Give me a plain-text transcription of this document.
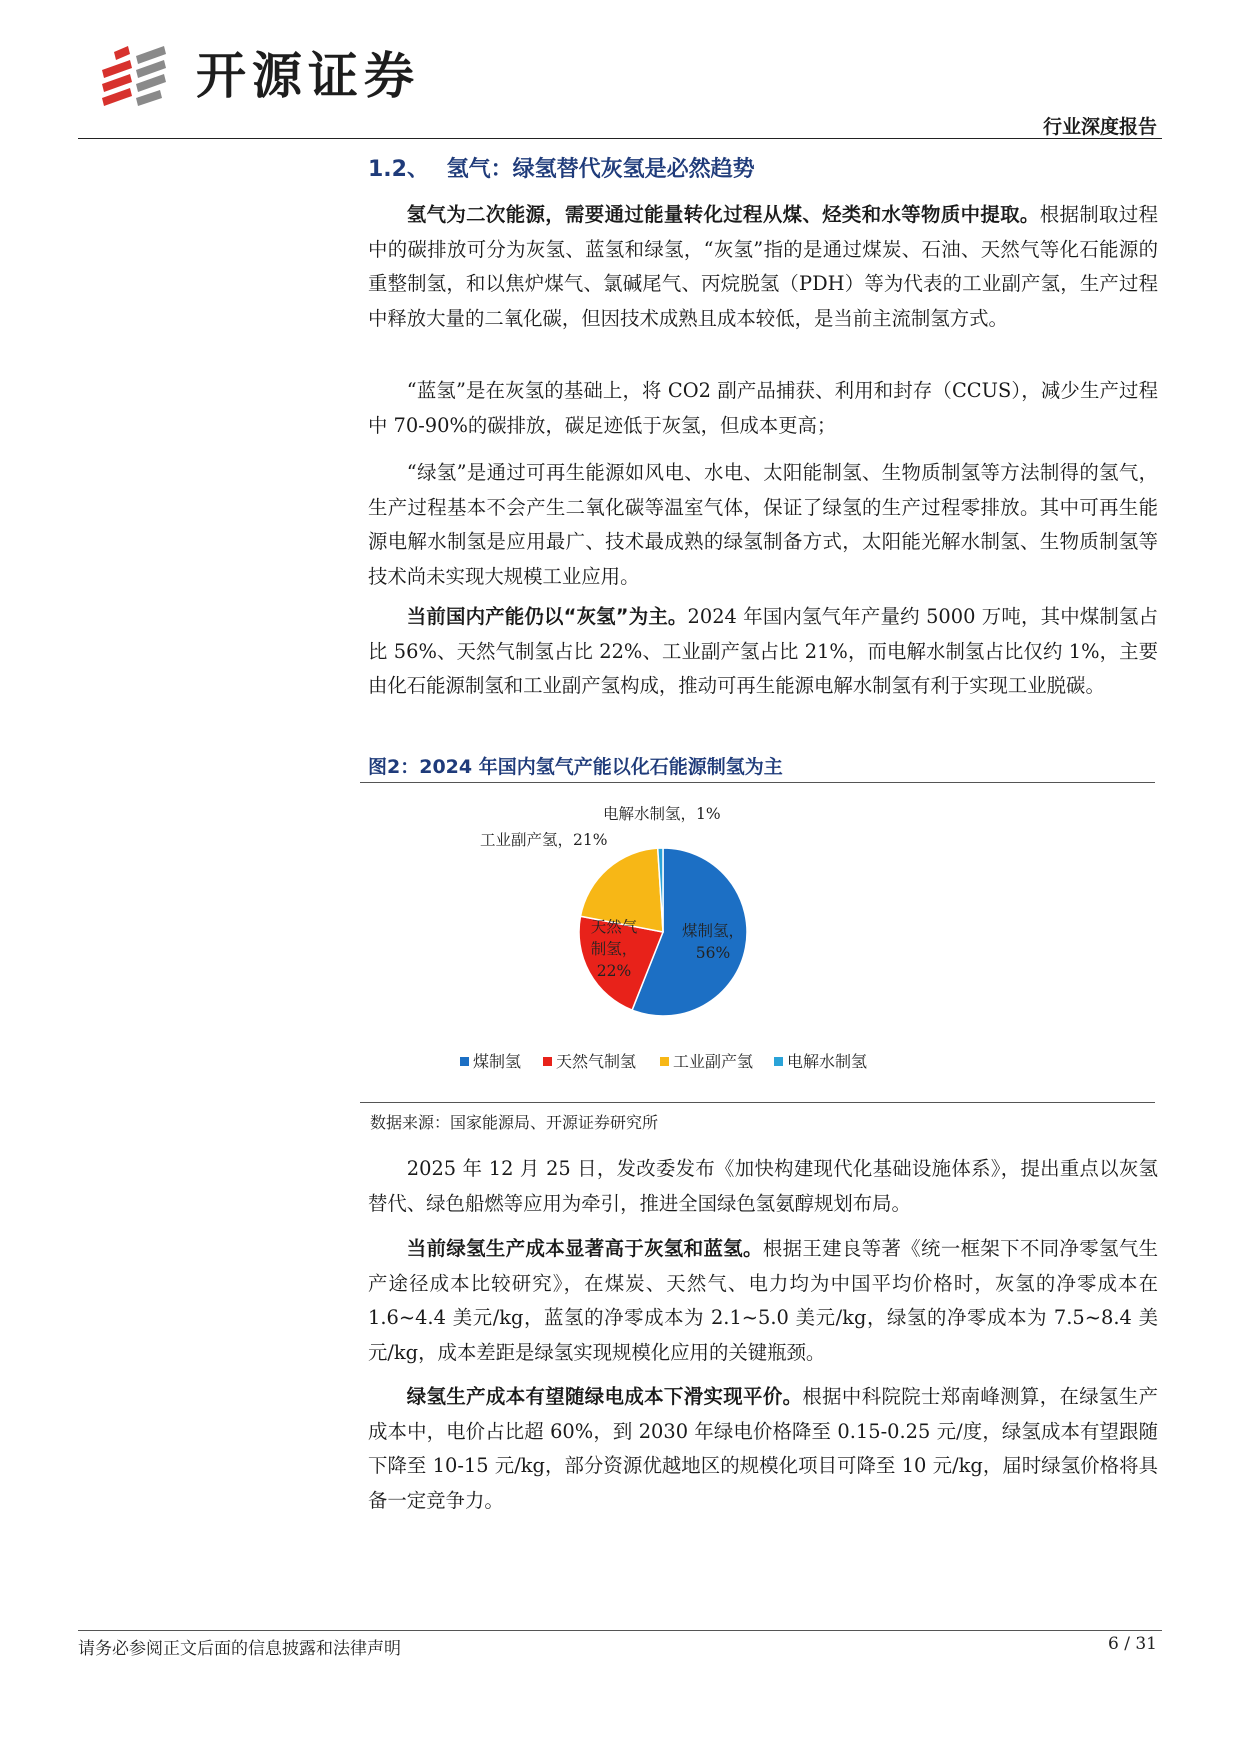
开源证券
行业深度报告
1.2、 氢气：绿氢替代灰氢是必然趋势

氢气为二次能源，需要通过能量转化过程从煤、烃类和水等物质中提取。根据制取过程中的碳排放可分为灰氢、蓝氢和绿氢，“灰氢”指的是通过煤炭、石油、天然气等化石能源的重整制氢，和以焦炉煤气、氯碱尾气、丙烷脱氢（PDH）等为代表的工业副产氢，生产过程中释放大量的二氧化碳，但因技术成熟且成本较低，是当前主流制氢方式。

“蓝氢”是在灰氢的基础上，将 CO2 副产品捕获、利用和封存（CCUS），减少生产过程中 70-90%的碳排放，碳足迹低于灰氢，但成本更高；

“绿氢”是通过可再生能源如风电、水电、太阳能制氢、生物质制氢等方法制得的氢气，生产过程基本不会产生二氧化碳等温室气体，保证了绿氢的生产过程零排放。其中可再生能源电解水制氢是应用最广、技术最成熟的绿氢制备方式，太阳能光解水制氢、生物质制氢等技术尚未实现大规模工业应用。

当前国内产能仍以“灰氢”为主。2024 年国内氢气年产量约 5000 万吨，其中煤制氢占比 56%、天然气制氢占比 22%、工业副产氢占比 21%，而电解水制氢占比仅约 1%，主要由化石能源制氢和工业副产氢构成，推动可再生能源电解水制氢有利于实现工业脱碳。

图2：2024 年国内氢气产能以化石能源制氢为主
煤制氢，
56%
天然气
制氢，
22%
工业副产氢，21%
电解水制氢，1%
煤制氢 天然气制氢 工业副产氢 电解水制氢
数据来源：国家能源局、开源证券研究所

2025 年 12 月 25 日，发改委发布《加快构建现代化基础设施体系》，提出重点以灰氢替代、绿色船燃等应用为牵引，推进全国绿色氢氨醇规划布局。

当前绿氢生产成本显著高于灰氢和蓝氢。根据王建良等著《统一框架下不同净零氢气生产途径成本比较研究》，在煤炭、天然气、电力均为中国平均价格时，灰氢的净零成本在 1.6~4.4 美元/kg，蓝氢的净零成本为 2.1~5.0 美元/kg，绿氢的净零成本为 7.5~8.4 美元/kg，成本差距是绿氢实现规模化应用的关键瓶颈。

绿氢生产成本有望随绿电成本下滑实现平价。根据中科院院士郑南峰测算，在绿氢生产成本中，电价占比超 60%，到 2030 年绿电价格降至 0.15-0.25 元/度，绿氢成本有望跟随下降至 10-15 元/kg，部分资源优越地区的规模化项目可降至 10 元/kg，届时绿氢价格将具备一定竞争力。

请务必参阅正文后面的信息披露和法律声明	6 / 31
